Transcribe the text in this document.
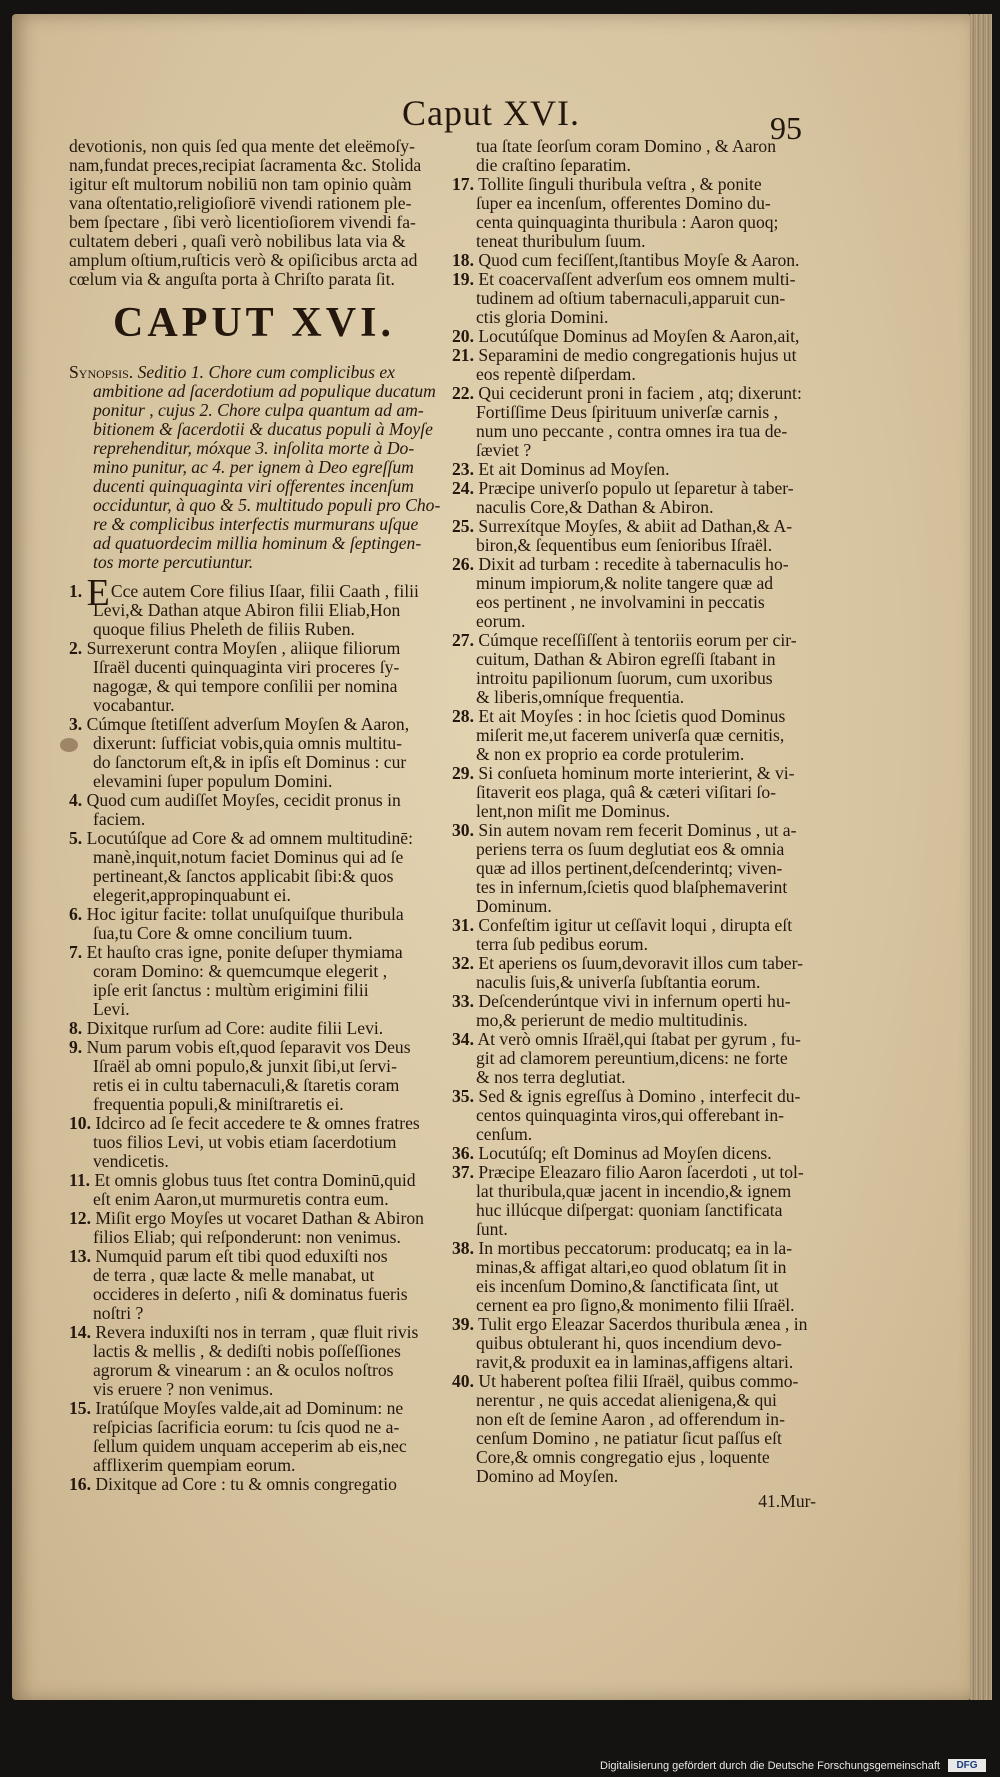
Caput XVI.	95
devotionis, non quis ſed qua mente det eleëmoſy-
nam,fundat preces,recipiat ſacramenta &c. Stolida
igitur eſt multorum nobiliū non tam opinio quàm
vana oſtentatio,religioſiorē vivendi rationem ple-
bem ſpectare , ſibi verò licentioſiorem vivendi fa-
cultatem deberi , quaſi verò nobilibus lata via &
amplum oſtium,ruſticis verò & opiſicibus arcta ad
cœlum via & anguſta porta à Chriſto parata ſit.
CAPUT XVI.
Synopsis. Seditio 1. Chore cum complicibus ex
ambitione ad ſacerdotium ad populique ducatum
ponitur , cujus 2. Chore culpa quantum ad am-
bitionem & ſacerdotii & ducatus populi à Moyſe
reprehenditur, móxque 3. inſolita morte à Do-
mino punitur, ac 4. per ignem à Deo egreſſum
ducenti quinquaginta viri offerentes incenſum
occiduntur, à quo & 5. multitudo populi pro Cho-
re & complicibus interfectis murmurans uſque
ad quatuordecim millia hominum & ſeptingen-
tos morte percutiuntur.
1. ECce autem Core filius Iſaar, filii Caath , filii
Levi,& Dathan atque Abiron filii Eliab,Hon
quoque filius Pheleth de filiis Ruben.
2. Surrexerunt contra Moyſen , aliique filiorum
Iſraël ducenti quinquaginta viri proceres ſy-
nagogæ, & qui tempore conſilii per nomina
vocabantur.
3. Cúmque ſtetiſſent adverſum Moyſen & Aaron,
dixerunt: ſufficiat vobis,quia omnis multitu-
do ſanctorum eſt,& in ipſis eſt Dominus : cur
elevamini ſuper populum Domini.
4. Quod cum audiſſet Moyſes, cecidit pronus in
faciem.
5. Locutúſque ad Core & ad omnem multitudinē:
manè,inquit,notum faciet Dominus qui ad ſe
pertineant,& ſanctos applicabit ſibi:& quos
elegerit,appropinquabunt ei.
6. Hoc igitur facite: tollat unuſquiſque thuribula
ſua,tu Core & omne concilium tuum.
7. Et hauſto cras igne, ponite deſuper thymiama
coram Domino: & quemcumque elegerit ,
ipſe erit ſanctus : multùm erigimini filii
Levi.
8. Dixitque rurſum ad Core: audite filii Levi.
9. Num parum vobis eſt,quod ſeparavit vos Deus
Iſraël ab omni populo,& junxit ſibi,ut ſervi-
retis ei in cultu tabernaculi,& ſtaretis coram
frequentia populi,& miniſtraretis ei.
10. Idcirco ad ſe fecit accedere te & omnes fratres
tuos filios Levi, ut vobis etiam ſacerdotium
vendicetis.
11. Et omnis globus tuus ſtet contra Dominū,quid
eſt enim Aaron,ut murmuretis contra eum.
12. Miſit ergo Moyſes ut vocaret Dathan & Abiron
filios Eliab; qui reſponderunt: non venimus.
13. Numquid parum eſt tibi quod eduxiſti nos
de terra , quæ lacte & melle manabat, ut
occideres in deſerto , niſi & dominatus fueris
noſtri ?
14. Revera induxiſti nos in terram , quæ fluit rivis
lactis & mellis , & dediſti nobis poſſeſſiones
agrorum & vinearum : an & oculos noſtros
vis eruere ? non venimus.
15. Iratúſque Moyſes valde,ait ad Dominum: ne
reſpicias ſacrificia eorum: tu ſcis quod ne a-
ſellum quidem unquam acceperim ab eis,nec
afflixerim quempiam eorum.
16. Dixitque ad Core : tu & omnis congregatio
tua ſtate ſeorſum coram Domino , & Aaron
die craſtino ſeparatim.
17. Tollite ſinguli thuribula veſtra , & ponite
ſuper ea incenſum, offerentes Domino du-
centa quinquaginta thuribula : Aaron quoq;
teneat thuribulum ſuum.
18. Quod cum feciſſent,ſtantibus Moyſe & Aaron.
19. Et coacervaſſent adverſum eos omnem multi-
tudinem ad oſtium tabernaculi,apparuit cun-
ctis gloria Domini.
20. Locutúſque Dominus ad Moyſen & Aaron,ait,
21. Separamini de medio congregationis hujus ut
eos repentè diſperdam.
22. Qui ceciderunt proni in faciem , atq; dixerunt:
Fortiſſime Deus ſpirituum univerſæ carnis ,
num uno peccante , contra omnes ira tua de-
ſæviet ?
23. Et ait Dominus ad Moyſen.
24. Præcipe univerſo populo ut ſeparetur à taber-
naculis Core,& Dathan & Abiron.
25. Surrexítque Moyſes, & abiit ad Dathan,& A-
biron,& ſequentibus eum ſenioribus Iſraël.
26. Dixit ad turbam : recedite à tabernaculis ho-
minum impiorum,& nolite tangere quæ ad
eos pertinent , ne involvamini in peccatis
eorum.
27. Cúmque receſſiſſent à tentoriis eorum per cir-
cuitum, Dathan & Abiron egreſſi ſtabant in
introitu papilionum ſuorum, cum uxoribus
& liberis,omníque frequentia.
28. Et ait Moyſes : in hoc ſcietis quod Dominus
miſerit me,ut facerem univerſa quæ cernitis,
& non ex proprio ea corde protulerim.
29. Si conſueta hominum morte interierint, & vi-
ſitaverit eos plaga, quâ & cæteri viſitari ſo-
lent,non miſit me Dominus.
30. Sin autem novam rem fecerit Dominus , ut a-
periens terra os ſuum deglutiat eos & omnia
quæ ad illos pertinent,deſcenderintq; viven-
tes in infernum,ſcietis quod blaſphemaverint
Dominum.
31. Confeſtim igitur ut ceſſavit loqui , dirupta eſt
terra ſub pedibus eorum.
32. Et aperiens os ſuum,devoravit illos cum taber-
naculis ſuis,& univerſa ſubſtantia eorum.
33. Deſcenderúntque vivi in infernum operti hu-
mo,& perierunt de medio multitudinis.
34. At verò omnis Iſraël,qui ſtabat per gyrum , fu-
git ad clamorem pereuntium,dicens: ne forte
& nos terra deglutiat.
35. Sed & ignis egreſſus à Domino , interfecit du-
centos quinquaginta viros,qui offerebant in-
cenſum.
36. Locutúſq; eſt Dominus ad Moyſen dicens.
37. Præcipe Eleazaro filio Aaron ſacerdoti , ut tol-
lat thuribula,quæ jacent in incendio,& ignem
huc illúcque diſpergat: quoniam ſanctificata
ſunt.
38. In mortibus peccatorum: producatq; ea in la-
minas,& affigat altari,eo quod oblatum ſit in
eis incenſum Domino,& ſanctificata ſint, ut
cernent ea pro ſigno,& monimento filii Iſraël.
39. Tulit ergo Eleazar Sacerdos thuribula ænea , in
quibus obtulerant hi, quos incendium devo-
ravit,& produxit ea in laminas,affigens altari.
40. Ut haberent poſtea filii Iſraël, quibus commo-
nerentur , ne quis accedat alienigena,& qui
non eſt de ſemine Aaron , ad offerendum in-
cenſum Domino , ne patiatur ſicut paſſus eſt
Core,& omnis congregatio ejus , loquente
Domino ad Moyſen.
41.Mur-
Digitalisierung gefördert durch die Deutsche Forschungsgemeinschaft	DFG
